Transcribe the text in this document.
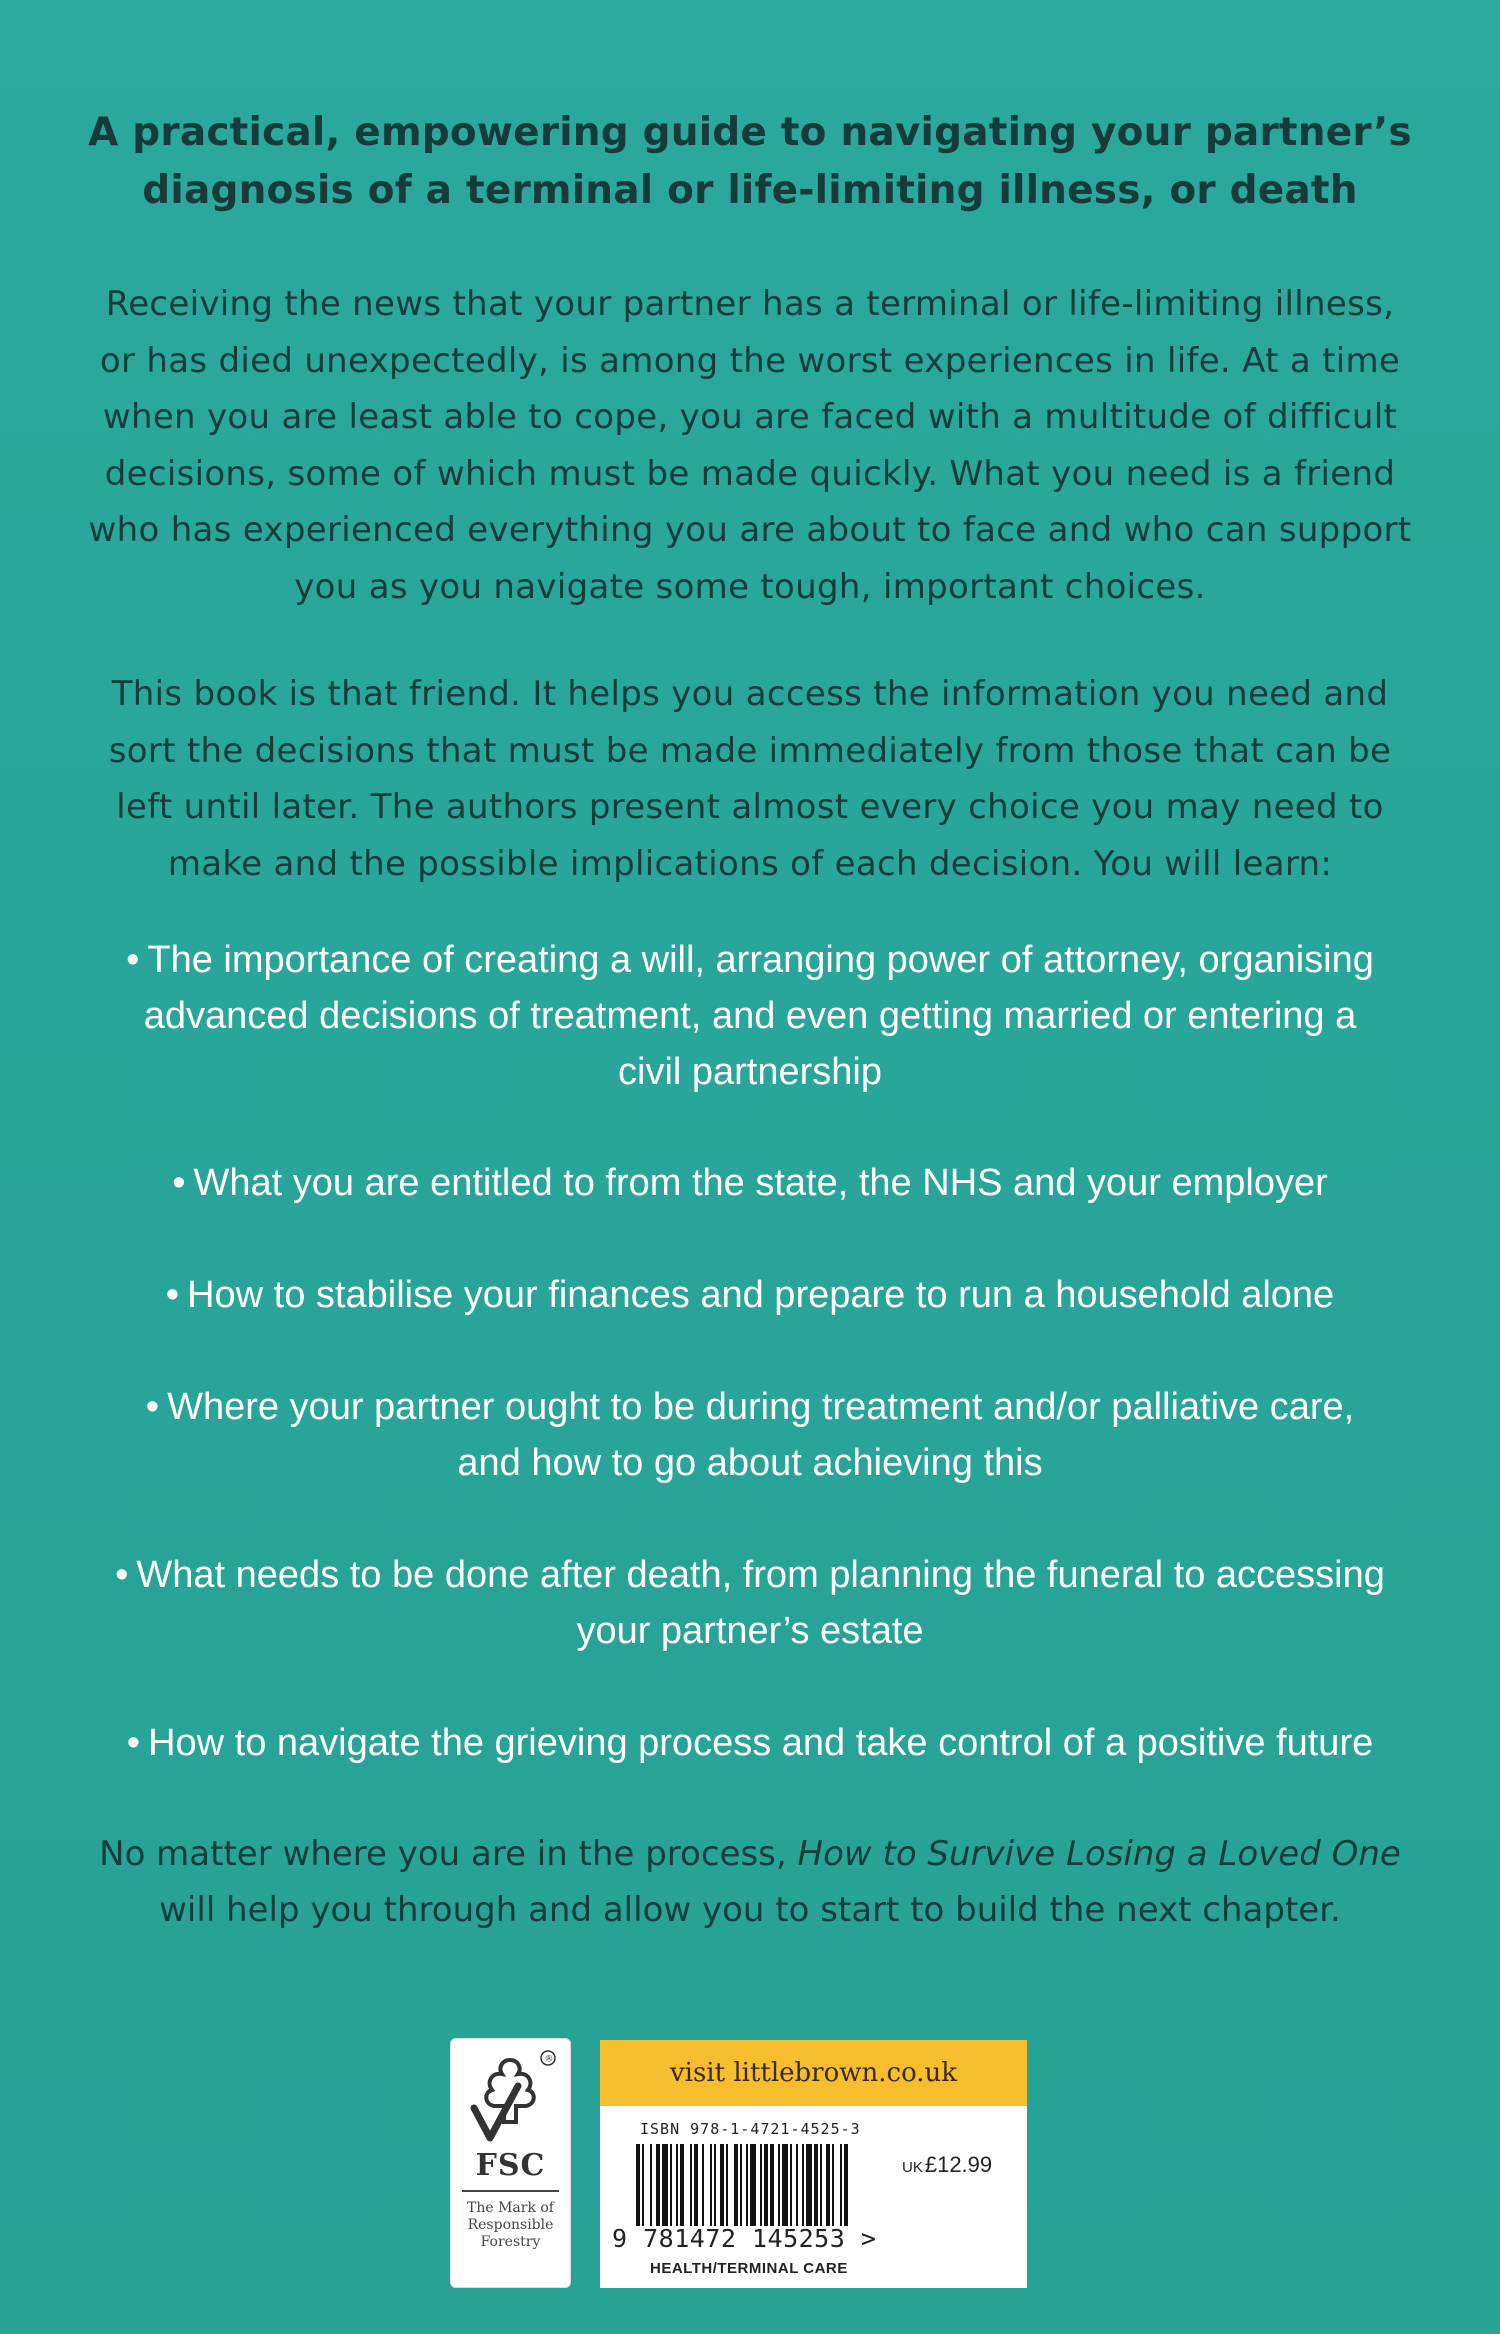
A practical, empowering guide to navigating your partner’s
diagnosis of a terminal or life-limiting illness, or death
Receiving the news that your partner has a terminal or life-limiting illness,
or has died unexpectedly, is among the worst experiences in life. At a time
when you are least able to cope, you are faced with a multitude of difficult
decisions, some of which must be made quickly. What you need is a friend
who has experienced everything you are about to face and who can support
you as you navigate some tough, important choices.
This book is that friend. It helps you access the information you need and
sort the decisions that must be made immediately from those that can be
left until later. The authors present almost every choice you may need to
make and the possible implications of each decision. You will learn:
• The importance of creating a will, arranging power of attorney, organising
advanced decisions of treatment, and even getting married or entering a
civil partnership
• What you are entitled to from the state, the NHS and your employer
• How to stabilise your finances and prepare to run a household alone
• Where your partner ought to be during treatment and/or palliative care,
and how to go about achieving this
• What needs to be done after death, from planning the funeral to accessing
your partner’s estate
• How to navigate the grieving process and take control of a positive future
No matter where you are in the process, How to Survive Losing a Loved One
will help you through and allow you to start to build the next chapter.
®
FSC
The Mark of
Responsible
Forestry
visit littlebrown.co.uk
ISBN 978-1-4721-4525-3
UK£12.99
9 781472 145253 >
HEALTH/TERMINAL CARE
